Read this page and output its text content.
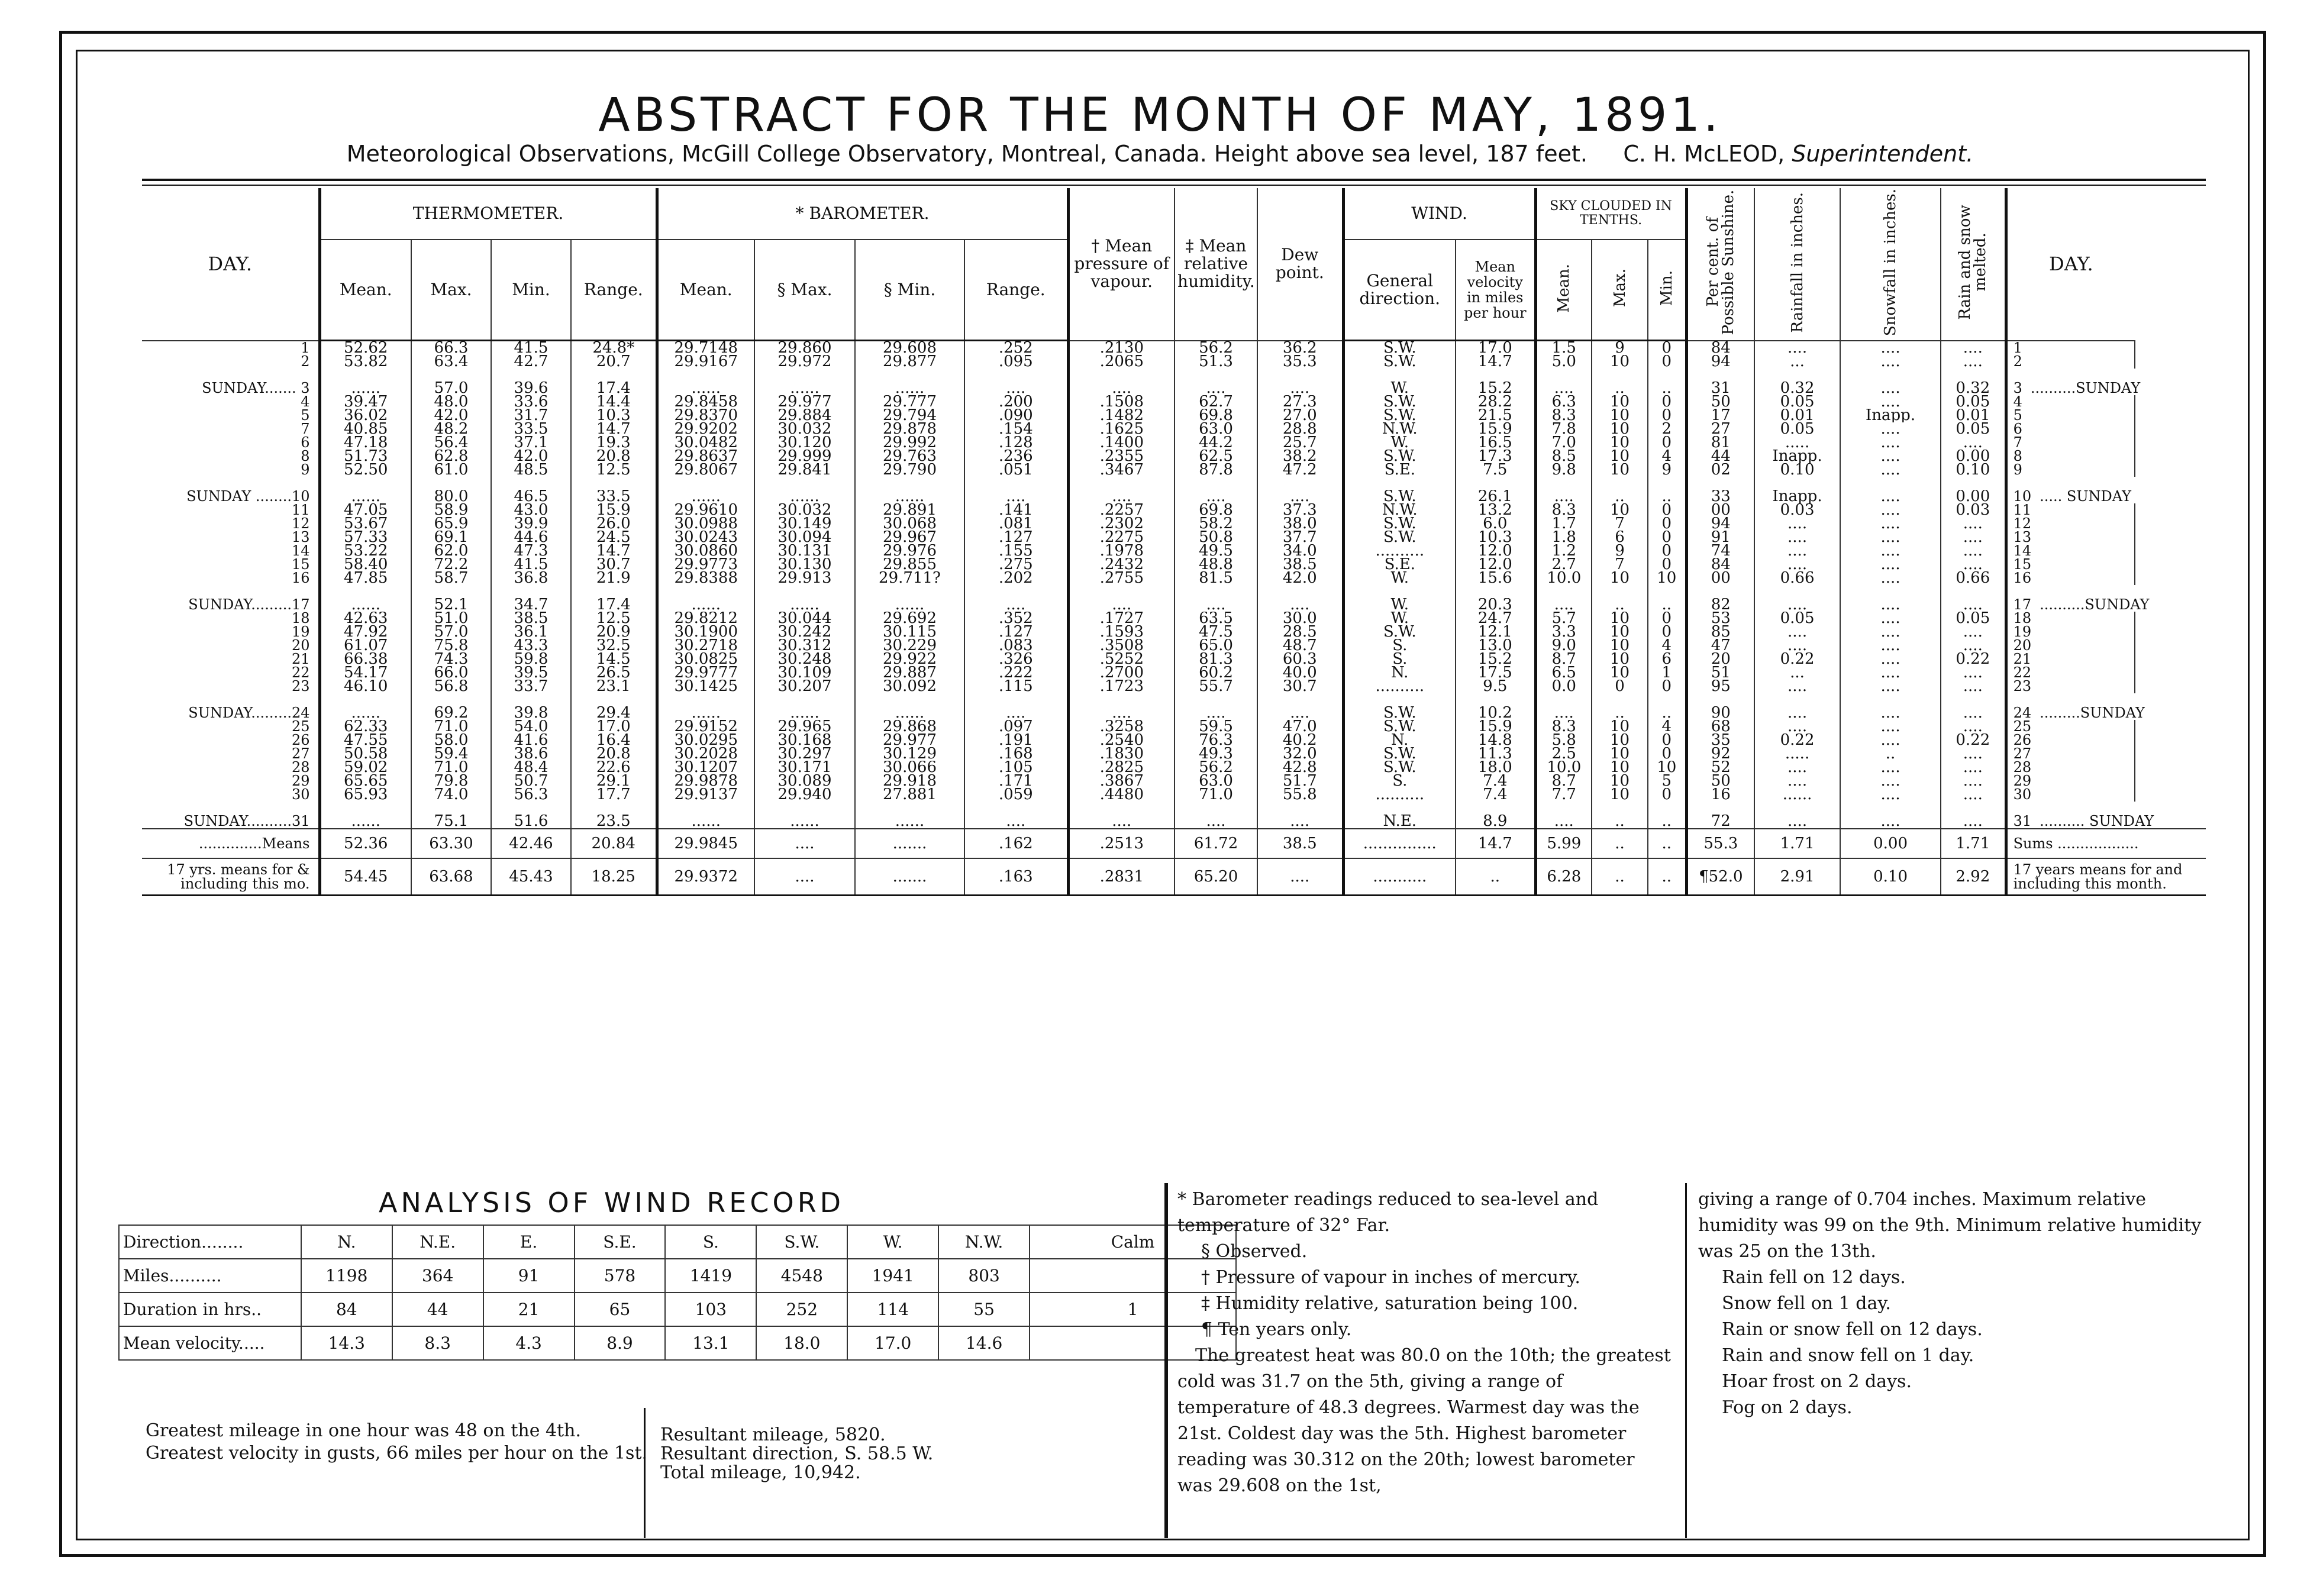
ABSTRACT FOR THE MONTH OF MAY, 1891.
Meteorological Observations, McGill College Observatory, Montreal, Canada. Height above sea level, 187 feet. C. H. McLEOD, Superintendent.
DAY.	THERMOMETER.				* BAROMETER.				† Mean pressure of vapour.	‡ Mean relative humidity.	Dew point.	WIND.		SKY CLOUDED IN TENTHS.			Per cent. of Possible Sunshine.	Rainfall in inches.	Snowfall in inches.	Rain and snow melted.	DAY.	
	Mean.	Max.	Min.	Range.	Mean.	§ Max.	§ Min.	Range.				General direction.	Mean velocity in miles per hour	Mean.	Max.	Min.						
1	52.62	66.3	41.5	24.8*	29.7148	29.860	29.608	.252	.2130	56.2	36.2	S.W.	17.0	1.5	9	0	84	....	....	....	1	
2	53.82	63.4	42.7	20.7	29.9167	29.972	29.877	.095	.2065	51.3	35.3	S.W.	14.7	5.0	10	0	94	...	....	....	2	

SUNDAY....... 3	......	57.0	39.6	17.4	......	......	......	....	....	....	....	W.	15.2	....	..	..	31	0.32	....	0.32	3 ..........SUNDAY	
4	39.47	48.0	33.6	14.4	29.8458	29.977	29.777	.200	.1508	62.7	27.3	S.W.	28.2	6.3	10	0	50	0.05	....	0.05	4	
5	36.02	42.0	31.7	10.3	29.8370	29.884	29.794	.090	.1482	69.8	27.0	S.W.	21.5	8.3	10	0	17	0.01	Inapp.	0.01	5	
7	40.85	48.2	33.5	14.7	29.9202	30.032	29.878	.154	.1625	63.0	28.8	N.W.	15.9	7.8	10	2	27	0.05	....	0.05	6	
6	47.18	56.4	37.1	19.3	30.0482	30.120	29.992	.128	.1400	44.2	25.7	W.	16.5	7.0	10	0	81	.....	....	....	7	
8	51.73	62.8	42.0	20.8	29.8637	29.999	29.763	.236	.2355	62.5	38.2	S.W.	17.3	8.5	10	4	44	Inapp.	....	0.00	8	
9	52.50	61.0	48.5	12.5	29.8067	29.841	29.790	.051	.3467	87.8	47.2	S.E.	7.5	9.8	10	9	02	0.10	....	0.10	9	

SUNDAY ........10	......	80.0	46.5	33.5	......	......	......	....	....	....	....	S.W.	26.1	....	..	..	33	Inapp.	....	0.00	10 ..... SUNDAY	
11	47.05	58.9	43.0	15.9	29.9610	30.032	29.891	.141	.2257	69.8	37.3	N.W.	13.2	8.3	10	0	00	0.03	....	0.03	11	
12	53.67	65.9	39.9	26.0	30.0988	30.149	30.068	.081	.2302	58.2	38.0	S.W.	6.0	1.7	7	0	94	....	....	....	12	
13	57.33	69.1	44.6	24.5	30.0243	30.094	29.967	.127	.2275	50.8	37.7	S.W.	10.3	1.8	6	0	91	....	....	....	13	
14	53.22	62.0	47.3	14.7	30.0860	30.131	29.976	.155	.1978	49.5	34.0	..........	12.0	1.2	9	0	74	....	....	....	14	
15	58.40	72.2	41.5	30.7	29.9773	30.130	29.855	.275	.2432	48.8	38.5	S.E.	12.0	2.7	7	0	84	....	....	....	15	
16	47.85	58.7	36.8	21.9	29.8388	29.913	29.711?	.202	.2755	81.5	42.0	W.	15.6	10.0	10	10	00	0.66	....	0.66	16	

SUNDAY.........17	......	52.1	34.7	17.4	......	......	......	....	....	....	....	W.	20.3	....	..	..	82	....	....	....	17 ..........SUNDAY	
18	42.63	51.0	38.5	12.5	29.8212	30.044	29.692	.352	.1727	63.5	30.0	W.	24.7	5.7	10	0	53	0.05	....	0.05	18	
19	47.92	57.0	36.1	20.9	30.1900	30.242	30.115	.127	.1593	47.5	28.5	S.W.	12.1	3.3	10	0	85	....	....	....	19	
20	61.07	75.8	43.3	32.5	30.2718	30.312	30.229	.083	.3508	65.0	48.7	S.	13.0	9.0	10	4	47	....	....	....	20	
21	66.38	74.3	59.8	14.5	30.0825	30.248	29.922	.326	.5252	81.3	60.3	S.	15.2	8.7	10	6	20	0.22	....	0.22	21	
22	54.17	66.0	39.5	26.5	29.9777	30.109	29.887	.222	.2700	60.2	40.0	N.	17.5	6.5	10	1	51	...	....	....	22	
23	46.10	56.8	33.7	23.1	30.1425	30.207	30.092	.115	.1723	55.7	30.7	..........	9.5	0.0	0	0	95	....	....	....	23	

SUNDAY.........24	......	69.2	39.8	29.4	......	......	......	....	....	....	....	S.W.	10.2	....	..	..	90	....	....	....	24 .........SUNDAY	
25	62.33	71.0	54.0	17.0	29.9152	29.965	29.868	.097	.3258	59.5	47.0	S.W.	15.9	8.3	10	4	68	....	....	....	25	
26	47.55	58.0	41.6	16.4	30.0295	30.168	29.977	.191	.2540	76.3	40.2	N.	14.8	5.8	10	0	35	0.22	....	0.22	26	
27	50.58	59.4	38.6	20.8	30.2028	30.297	30.129	.168	.1830	49.3	32.0	S.W.	11.3	2.5	10	0	92	.....	..	....	27	
28	59.02	71.0	48.4	22.6	30.1207	30.171	30.066	.105	.2825	56.2	42.8	S.W.	18.0	10.0	10	10	52	....	....	....	28	
29	65.65	79.8	50.7	29.1	29.9878	30.089	29.918	.171	.3867	63.0	51.7	S.	7.4	8.7	10	5	50	....	....	....	29	
30	65.93	74.0	56.3	17.7	29.9137	29.940	27.881	.059	.4480	71.0	55.8	..........	7.4	7.7	10	0	16	......	....	....	30	

SUNDAY..........31	......	75.1	51.6	23.5	......	......	......	....	....	....	....	N.E.	8.9	....	..	..	72	....	....	....	31 .......... SUNDAY	
..............Means	52.36	63.30	42.46	20.84	29.9845	....	.......	.162	.2513	61.72	38.5	...............	14.7	5.99	..	..	55.3	1.71	0.00	1.71	Sums ..................	
17 yrs. means for & including this mo.	54.45	63.68	45.43	18.25	29.9372	....	.......	.163	.2831	65.20	....	...........	..	6.28	..	..	¶52.0	2.91	0.10	2.92	17 years means for and including this month.	
ANALYSIS OF WIND RECORD
Direction........	N.	N.E.	E.	S.E.	S.	S.W.	W.	N.W.	Calm
Miles..........	1198	364	91	578	1419	4548	1941	803	
Duration in hrs..	84	44	21	65	103	252	114	55	1
Mean velocity.....	14.3	8.3	4.3	8.9	13.1	18.0	17.0	14.6	

Greatest mileage in one hour was 48 on the 4th.

Greatest velocity in gusts, 66 miles per hour on the 1st.

Resultant mileage, 5820.

Resultant direction, S. 58.5 W.

Total mileage, 10,942.

* Barometer readings reduced to sea-level and temperature of 32° Far.

§ Observed.

† Pressure of vapour in inches of mercury.

‡ Humidity relative, saturation being 100.

¶ Ten years only.

The greatest heat was 80.0 on the 10th; the greatest cold was 31.7 on the 5th, giving a range of temperature of 48.3 degrees. Warmest day was the 21st. Coldest day was the 5th. Highest barometer reading was 30.312 on the 20th; lowest barometer was 29.608 on the 1st,

giving a range of 0.704 inches. Maximum relative humidity was 99 on the 9th. Minimum relative humidity was 25 on the 13th.

Rain fell on 12 days.

Snow fell on 1 day.

Rain or snow fell on 12 days.

Rain and snow fell on 1 day.

Hoar frost on 2 days.

Fog on 2 days.
